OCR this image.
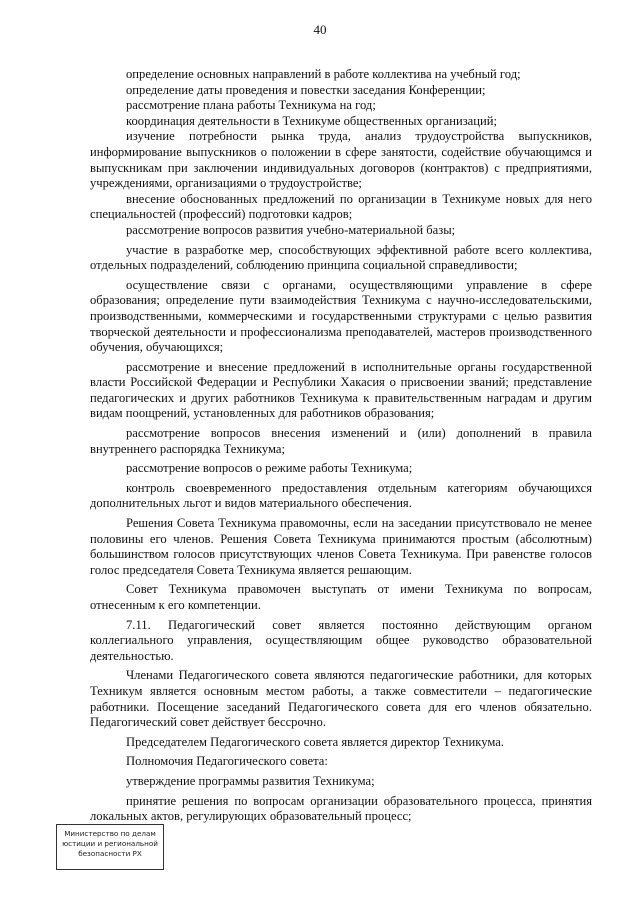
40

определение основных направлений в работе коллектива на учебный год;

определение даты проведения и повестки заседания Конференции;

рассмотрение плана работы Техникума на год;

координация деятельности в Техникуме общественных организаций;

изучение потребности рынка труда, анализ трудоустройства выпускников, информирование выпускников о положении в сфере занятости, содействие обучающимся и выпускникам при заключении индивидуальных договоров (контрактов) с предприятиями, учреждениями, организациями о трудоустройстве;

внесение обоснованных предложений по организации в Техникуме новых для него специальностей (профессий) подготовки кадров;

рассмотрение вопросов развития учебно-материальной базы;

участие в разработке мер, способствующих эффективной работе всего коллектива, отдельных подразделений, соблюдению принципа социальной справедливости;

осуществление связи с органами, осуществляющими управление в сфере образования; определение пути взаимодействия Техникума с научно-исследовательскими, производственными, коммерческими и государственными структурами с целью развития творческой деятельности и профессионализма преподавателей, мастеров производственного обучения, обучающихся;

рассмотрение и внесение предложений в исполнительные органы государственной власти Российской Федерации и Республики Хакасия о присвоении званий; представление педагогических и других работников Техникума к правительственным наградам и другим видам поощрений, установленных для работников образования;

рассмотрение вопросов внесения изменений и (или) дополнений в правила внутреннего распорядка Техникума;

рассмотрение вопросов о режиме работы Техникума;

контроль своевременного предоставления отдельным категориям обучающихся дополнительных льгот и видов материального обеспечения.

Решения Совета Техникума правомочны, если на заседании присутствовало не менее половины его членов. Решения Совета Техникума принимаются простым (абсолютным) большинством голосов присутствующих членов Совета Техникума. При равенстве голосов голос председателя Совета Техникума является решающим.

Совет Техникума правомочен выступать от имени Техникума по вопросам, отнесенным к его компетенции.

7.11. Педагогический совет является постоянно действующим органом коллегиального управления, осуществляющим общее руководство образовательной деятельностью.

Членами Педагогического совета являются педагогические работники, для которых Техникум является основным местом работы, а также совместители – педагогические работники. Посещение заседаний Педагогического совета для его членов обязательно. Педагогический совет действует бессрочно.

Председателем Педагогического совета является директор Техникума.

Полномочия Педагогического совета:

утверждение программы развития Техникума;

принятие решения по вопросам организации образовательного процесса, принятия локальных актов, регулирующих образовательный процесс;

Министерство по делам
юстиции и региональной
безопасности РХ
